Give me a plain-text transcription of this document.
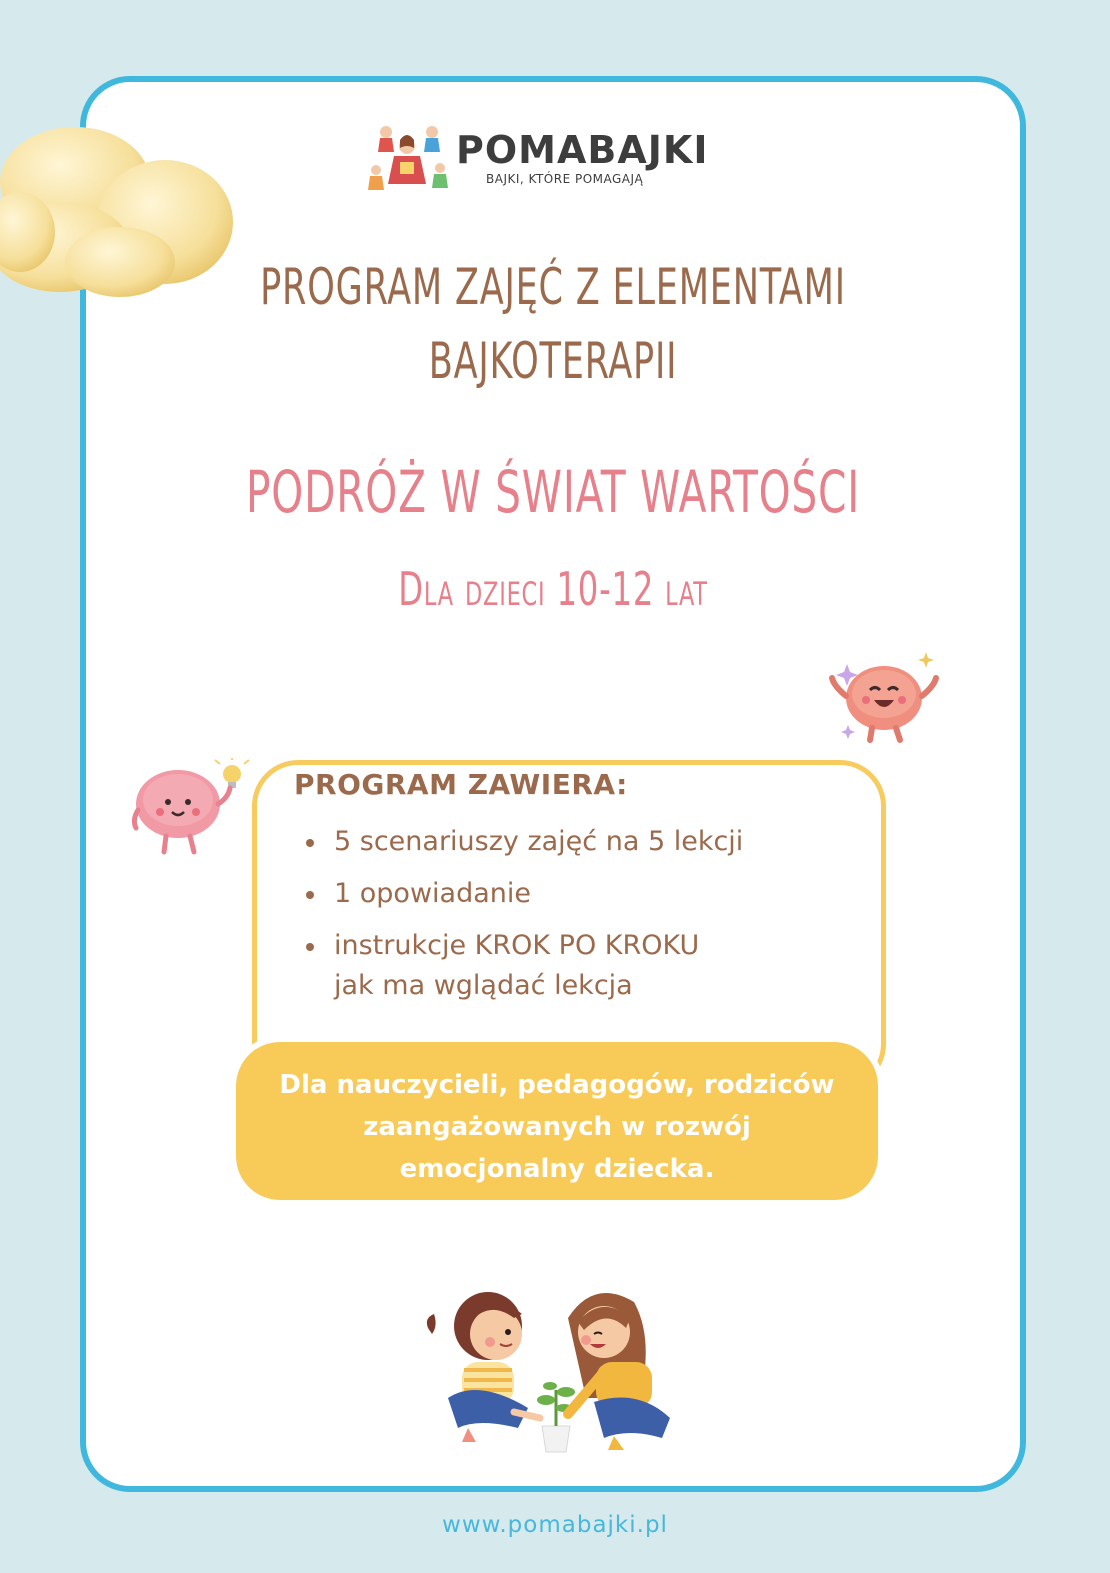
POMABAJKI
BAJKI, KTÓRE POMAGAJĄ
PROGRAM ZAJĘĆ Z ELEMENTAMI
BAJKOTERAPII
PODRÓŻ W ŚWIAT WARTOŚCI
Dla dzieci 10-12 lat
PROGRAM ZAWIERA:
5 scenariuszy zajęć na 5 lekcji
1 opowiadanie
instrukcje KROK PO KROKU
jak ma wglądać lekcja
Dla nauczycieli, pedagogów, rodziców
zaangażowanych w rozwój
emocjonalny dziecka.
www.pomabajki.pl
